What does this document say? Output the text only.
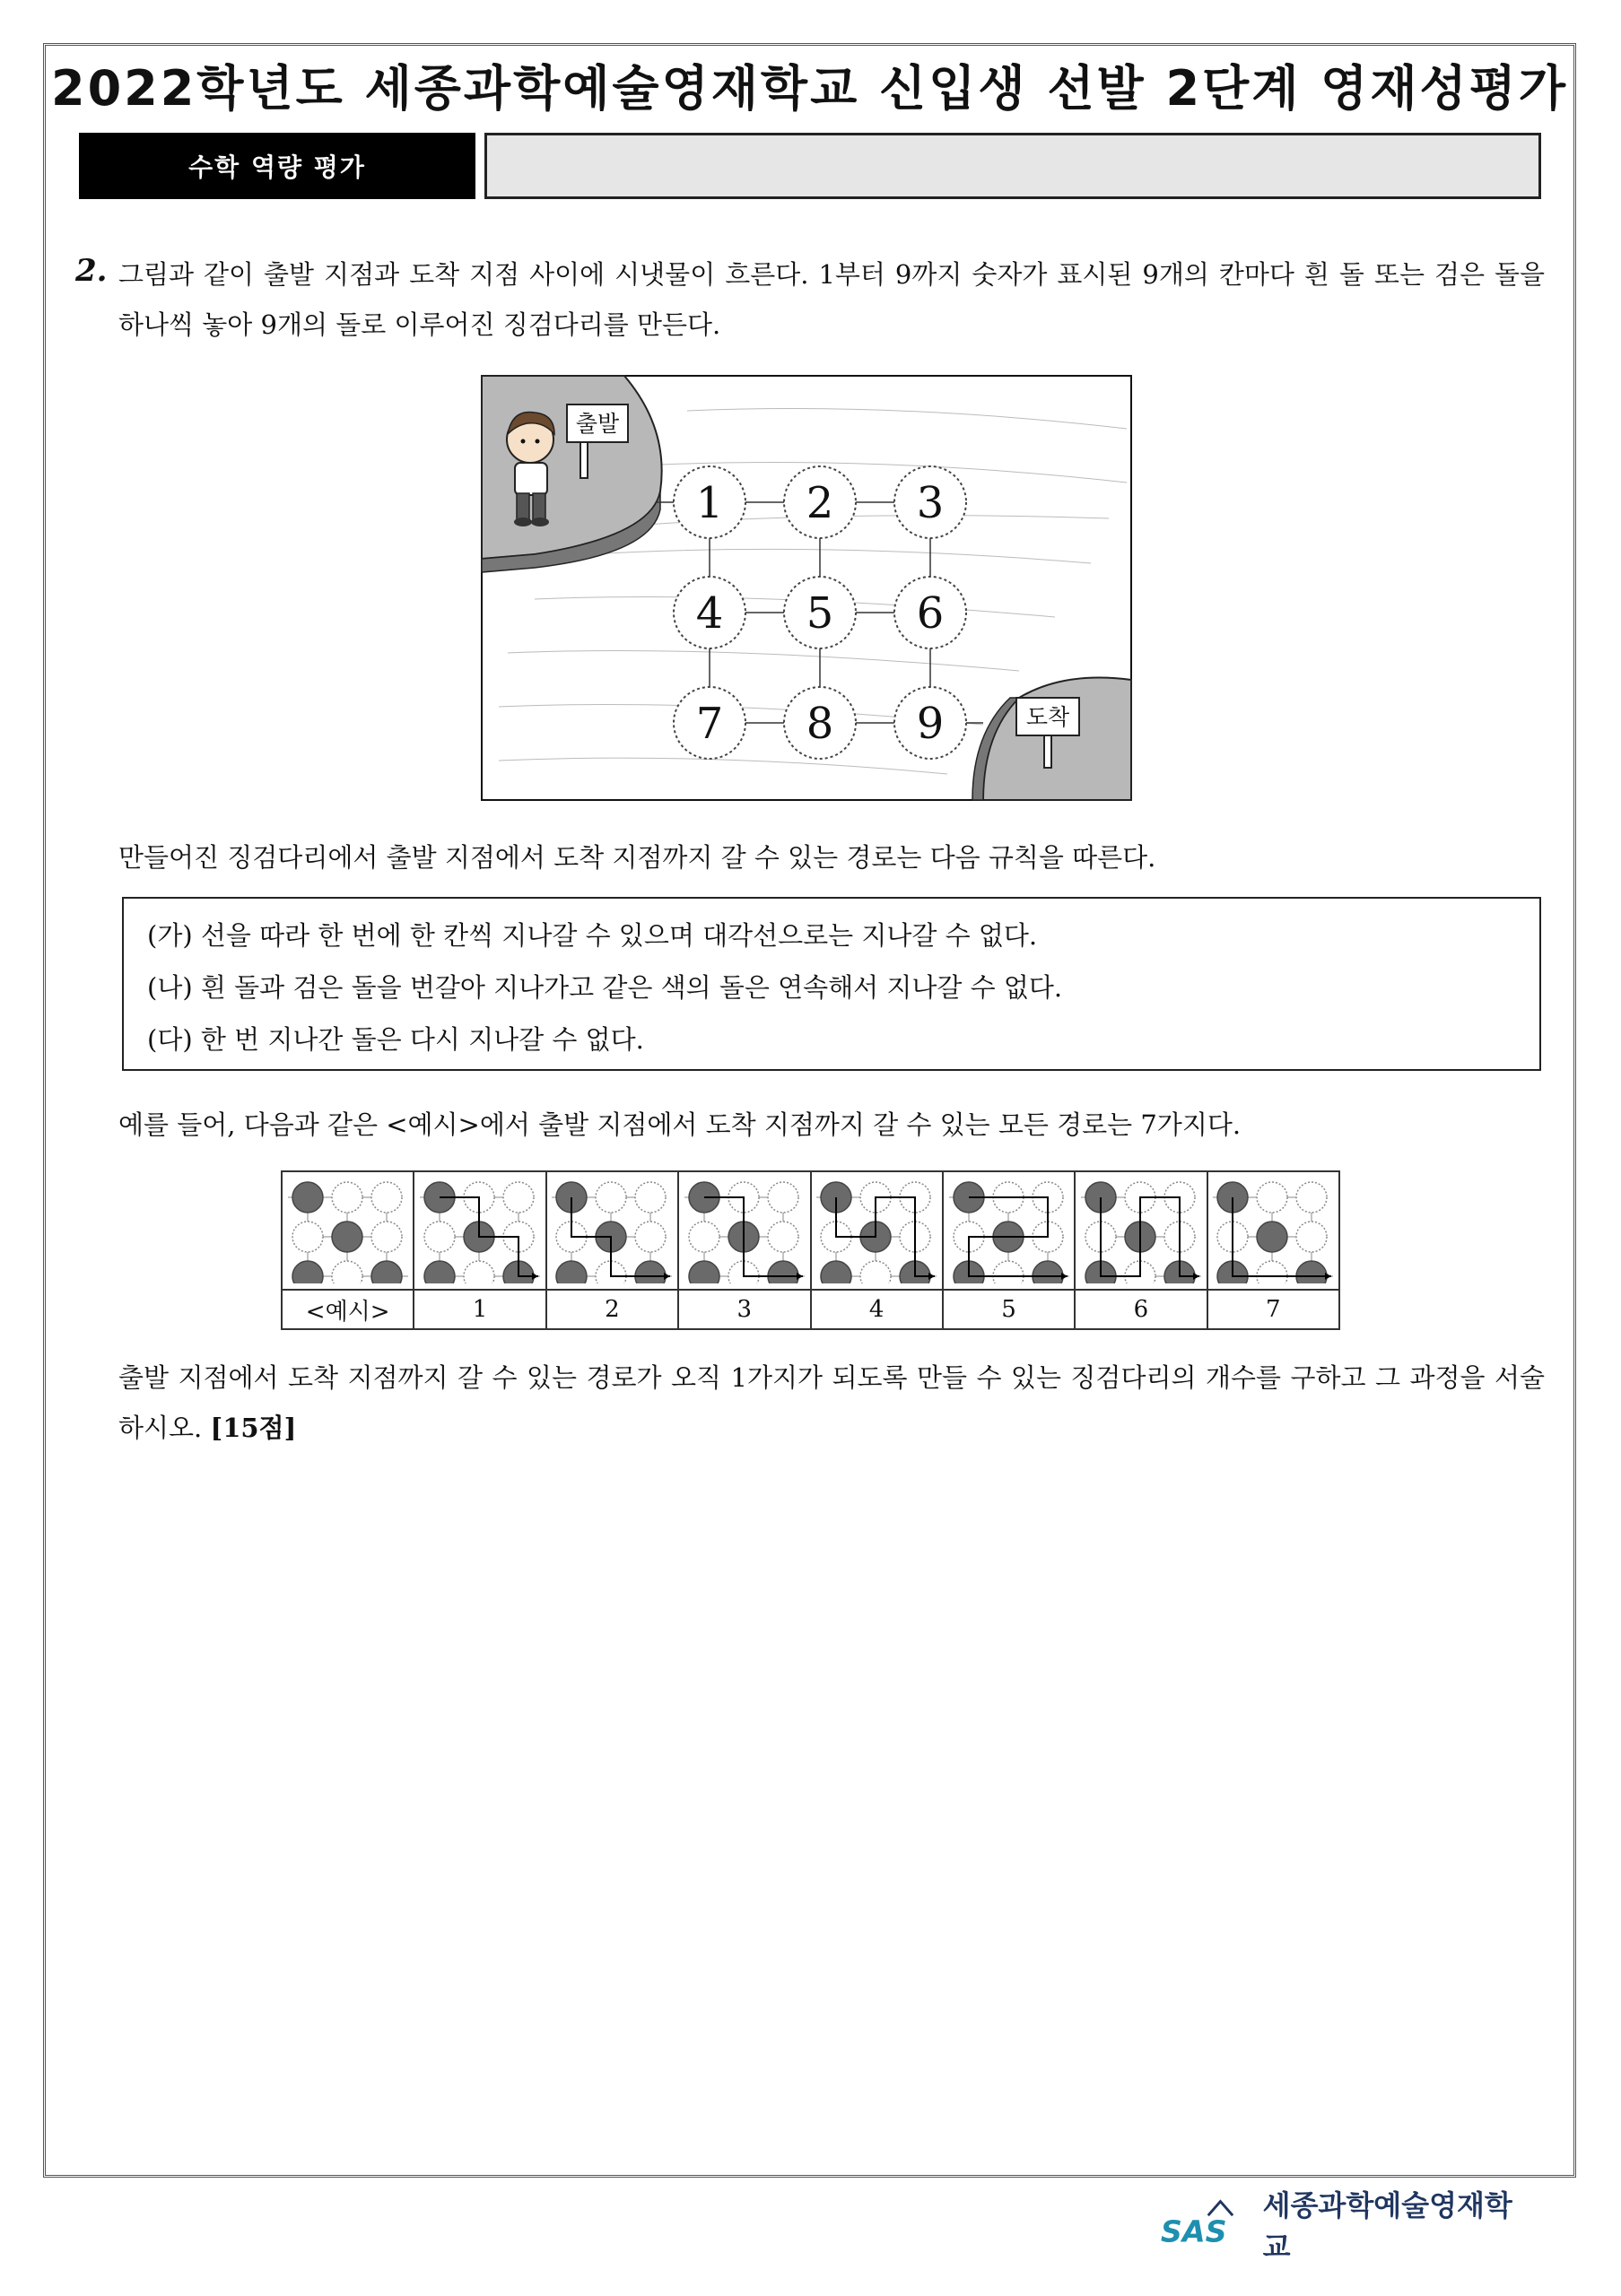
2022학년도 세종과학예술영재학교 신입생 선발 2단계 영재성평가
수학 역량 평가
2. 그림과 같이 출발 지점과 도착 지점 사이에 시냇물이 흐른다. 1부터 9까지 숫자가 표시된 9개의 칸마다 흰 돌 또는 검은 돌을 하나씩 놓아 9개의 돌로 이루어진 징검다리를 만든다.
출발
도착
1 2 3
4 5 6
7 8 9
만들어진 징검다리에서 출발 지점에서 도착 지점까지 갈 수 있는 경로는 다음 규칙을 따른다.
(가) 선을 따라 한 번에 한 칸씩 지나갈 수 있으며 대각선으로는 지나갈 수 없다.
(나) 흰 돌과 검은 돌을 번갈아 지나가고 같은 색의 돌은 연속해서 지나갈 수 없다.
(다) 한 번 지나간 돌은 다시 지나갈 수 없다.
예를 들어, 다음과 같은 <예시>에서 출발 지점에서 도착 지점까지 갈 수 있는 모든 경로는 7가지다.
<예시>	1	2	3	4	5	6	7
출발 지점에서 도착 지점까지 갈 수 있는 경로가 오직 1가지가 되도록 만들 수 있는 징검다리의 개수를 구하고 그 과정을 서술하시오. [15점]
SAS
세종과학예술영재학교
